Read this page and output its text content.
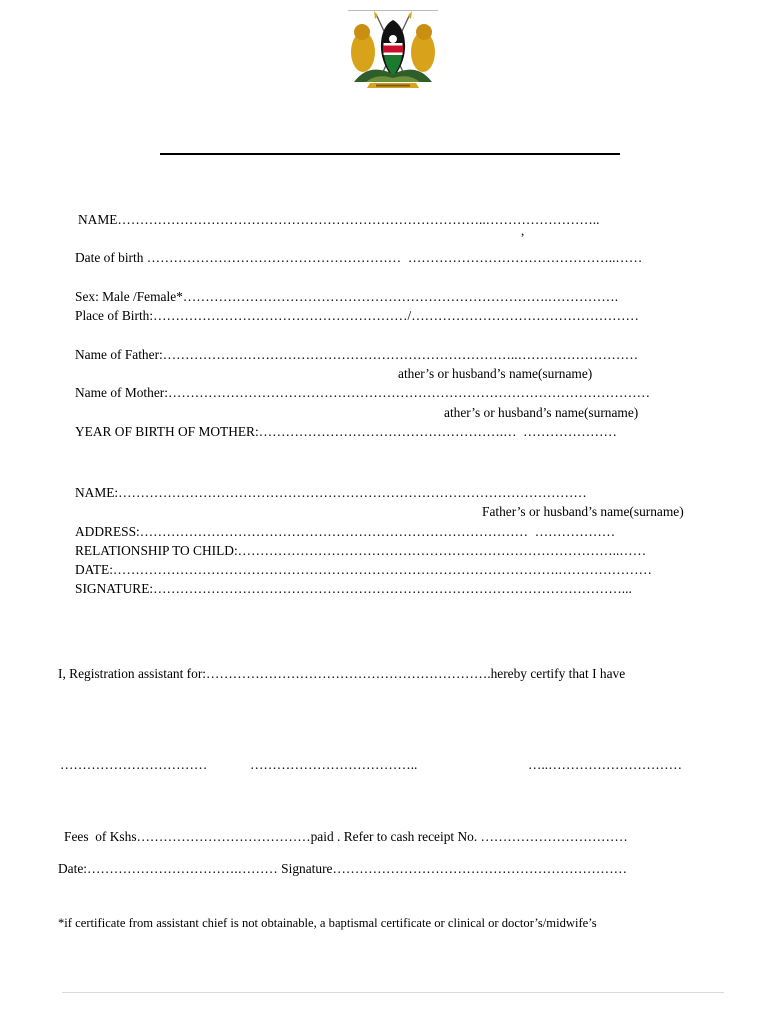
NAME………………………………………………………………………..……………………..
,
Date of birth …………………………………………………  ………………………………………..……
Sex: Male /Female*……………………………………………………………………….…………….
Place of Birth:…………………………………………………/……………………………………………
Name of Father:……………………………………………………………………..………………………
ather’s or husband’s name(surname)
Name of Mother:………………………………………………………………………………………………
ather’s or husband’s name(surname)
YEAR OF BIRTH OF MOTHER:……………………………………………….…  …………………
NAME:……………………………………………………………………………………………
Father’s or husband’s name(surname)
ADDRESS:……………………………………………………………………………  ………………
RELATIONSHIP TO CHILD:…………………………………………………………………………..……
DATE:……………………………………………………………………………………….…………………
SIGNATURE:……………………………………………………………………………………………...
I, Registration assistant for:……………………………………………………….hereby certify that I have
……………………………	………………………………..	…..…………………………
Fees  of Kshs…………………………………paid . Refer to cash receipt No. ……………………………
Date:…………………………….……… Signature…………………………………………………………
*if certificate from assistant chief is not obtainable, a baptismal certificate or clinical or doctor’s/midwife’s
